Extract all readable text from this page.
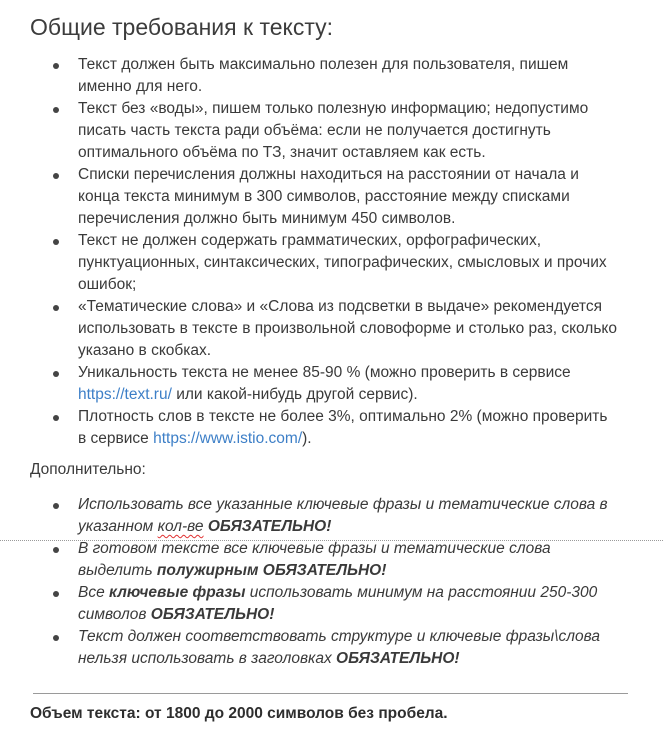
Общие требования к тексту:
Текст должен быть максимально полезен для пользователя, пишем именно для него.
Текст без «воды», пишем только полезную информацию; недопустимо писать часть текста ради объёма: если не получается достигнуть оптимального объёма по ТЗ, значит оставляем как есть.
Списки перечисления должны находиться на расстоянии от начала и конца текста минимум в 300 символов, расстояние между списками перечисления должно быть минимум 450 символов.
Текст не должен содержать грамматических, орфографических, пунктуационных, синтаксических, типографических, смысловых и прочих ошибок;
«Тематические слова» и «Слова из подсветки в выдаче» рекомендуется использовать в тексте в произвольной словоформе и столько раз, сколько указано в скобках.
Уникальность текста не менее 85-90 % (можно проверить в сервисе https://text.ru/ или какой-нибудь другой сервис).
Плотность слов в тексте не более 3%, оптимально 2% (можно проверить в сервисе https://www.istio.com/).

Дополнительно:

Использовать все указанные ключевые фразы и тематические слова в указанном кол-ве ОБЯЗАТЕЛЬНО!
В готовом тексте все ключевые фразы и тематические слова выделить полужирным ОБЯЗАТЕЛЬНО!
Все ключевые фразы использовать минимум на расстоянии 250-300 символов ОБЯЗАТЕЛЬНО!
Текст должен соответствовать структуре и ключевые фразы\слова нельзя использовать в заголовках ОБЯЗАТЕЛЬНО!

Объем текста: от 1800 до 2000 символов без пробела.
